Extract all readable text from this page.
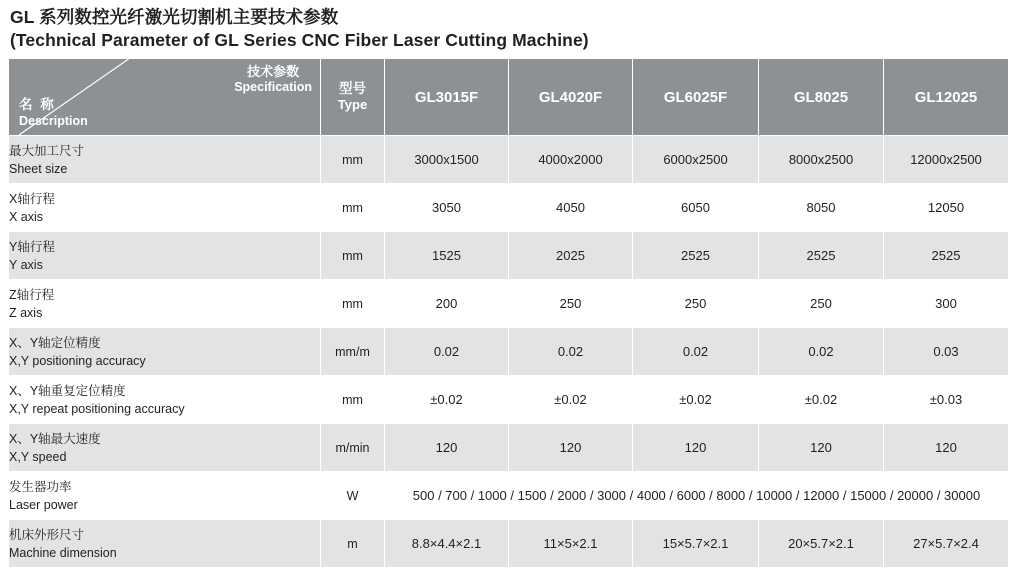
GL 系列数控光纤激光切割机主要技术参数
(Technical Parameter of GL Series CNC Fiber Laser Cutting Machine)
技术参数
Specification
名 称
Description	型号
Type	GL3015F	GL4020F	GL6025F	GL8025	GL12025

最大加工尺寸
Sheet size	mm	3000x1500	4000x2000	6000x2500	8000x2500	12000x2500

X轴行程
X axis	mm	3050	4050	6050	8050	12050

Y轴行程
Y axis	mm	1525	2025	2525	2525	2525

Z轴行程
Z axis	mm	200	250	250	250	300

X、Y轴定位精度
X,Y positioning accuracy	mm/m	0.02	0.02	0.02	0.02	0.03

X、Y轴重复定位精度
X,Y repeat positioning accuracy	mm	±0.02	±0.02	±0.02	±0.02	±0.03

X、Y轴最大速度
X,Y speed	m/min	120	120	120	120	120

发生器功率
Laser power	W	500 / 700 / 1000 / 1500 / 2000 / 3000 / 4000 / 6000 / 8000 / 10000 / 12000 / 15000 / 20000 / 30000				

机床外形尺寸
Machine dimension	m	8.8×4.4×2.1	11×5×2.1	15×5.7×2.1	20×5.7×2.1	27×5.7×2.4
